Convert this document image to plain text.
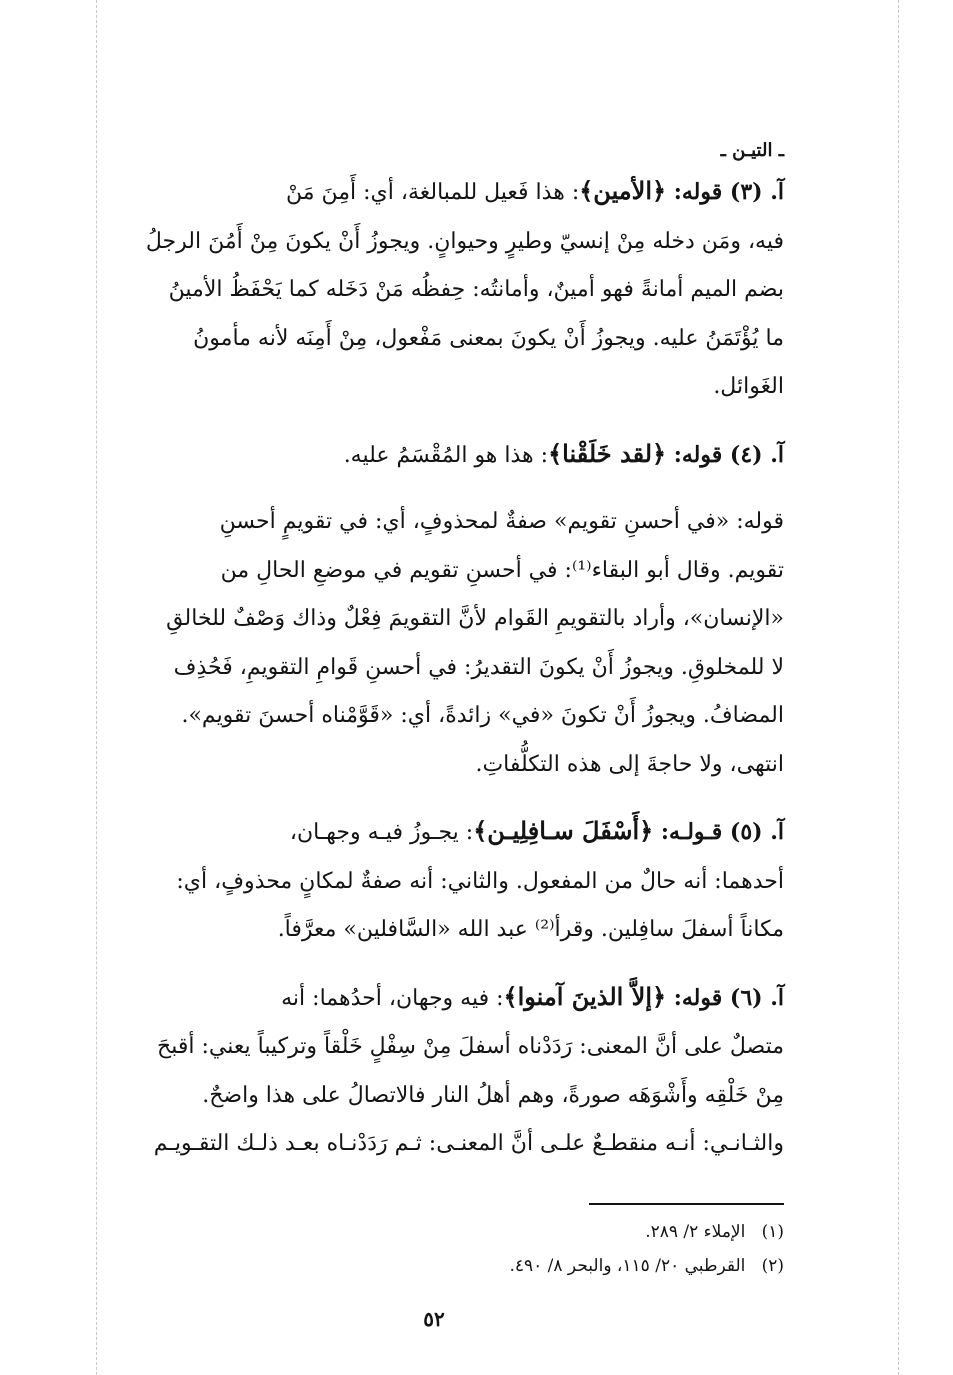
ـ التيـن ـ
آ. (٣) قوله: ﴿الأمين﴾: هذا فَعيل للمبالغة، أي: أَمِنَ مَنْ
فيه، ومَن دخله مِنْ إنسيّ وطيرٍ وحيوانٍ. ويجوزُ أَنْ يكونَ مِنْ أَمُنَ الرجلُ
بضم الميم أمانةً فهو أمينٌ، وأمانتُه: حِفظُه مَنْ دَخَله كما يَحْفَظُ الأمينُ
ما يُؤْتَمَنُ عليه. ويجوزُ أَنْ يكونَ بمعنى مَفْعول، مِنْ أَمِنَه لأنه مأمونُ
الغَوائل.
آ. (٤) قوله: ﴿لقد خَلَقْنا﴾: هذا هو المُقْسَمُ عليه.
قوله: «في أحسنِ تقويم» صفةٌ لمحذوفٍ، أي: في تقويمٍ أحسنِ
تقويم. وقال أبو البقاء⁽¹⁾: في أحسنِ تقويم في موضعِ الحالِ من
«الإنسان»، وأراد بالتقويمِ القَوام لأنَّ التقويمَ فِعْلٌ وذاك وَصْفٌ للخالقِ
لا للمخلوقِ. ويجوزُ أَنْ يكونَ التقديرُ: في أحسنِ قَوامِ التقويمِ، فَحُذِف
المضافُ. ويجوزُ أَنْ تكونَ «في» زائدةً، أي: «قَوَّمْناه أحسنَ تقويم».
انتهى، ولا حاجةَ إلى هذه التكلُّفاتِ.
آ. (٥) قـولـه: ﴿أَسْفَلَ سـافِلِيـن﴾: يجـوزُ فيـه وجهـان،
أحدهما: أنه حالٌ من المفعول. والثاني: أنه صفةٌ لمكانٍ محذوفٍ، أي:
مكاناً أسفلَ سافِلين. وقرأ⁽²⁾ عبد الله «السَّافلين» معرَّفاً.
آ. (٦) قوله: ﴿إلاَّ الذينَ آمنوا﴾: فيه وجهان، أحدُهما: أنه
متصلٌ على أنَّ المعنى: رَدَدْناه أسفلَ مِنْ سِفْلٍ خَلْقاً وتركيباً يعني: أقبحَ
مِنْ خَلْقِه وأَشْوَهَه صورةً، وهم أهلُ النار فالاتصالُ على هذا واضحٌ.
والثـانـي: أنـه منقطـعٌ علـى أنَّ المعنـى: ثـم رَدَدْنـاه بعـد ذلـك التقـويـم
(١)   الإملاء ٢/ ٢٨٩.
(٢)   القرطبي ٢٠/ ١١٥، والبحر ٨/ ٤٩٠.
٥٢
